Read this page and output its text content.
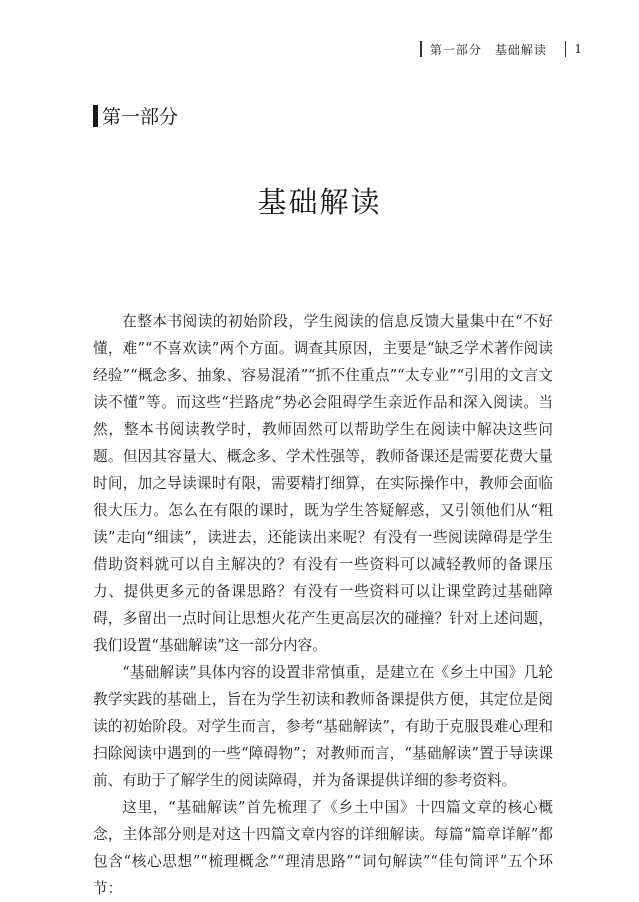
第一部分　基础解读 1
第一部分
基础解读

在整本书阅读的初始阶段，学生阅读的信息反馈大量集中在“不好懂，难”“不喜欢读”两个方面。调查其原因，主要是“缺乏学术著作阅读经验”“概念多、抽象、容易混淆”“抓不住重点”“太专业”“引用的文言文读不懂”等。而这些“拦路虎”势必会阻碍学生亲近作品和深入阅读。当然，整本书阅读教学时，教师固然可以帮助学生在阅读中解决这些问题。但因其容量大、概念多、学术性强等，教师备课还是需要花费大量时间，加之导读课时有限，需要精打细算，在实际操作中，教师会面临很大压力。怎么在有限的课时，既为学生答疑解惑，又引领他们从“粗读”走向“细读”，读进去，还能读出来呢？有没有一些阅读障碍是学生借助资料就可以自主解决的？有没有一些资料可以减轻教师的备课压力、提供更多元的备课思路？有没有一些资料可以让课堂跨过基础障碍，多留出一点时间让思想火花产生更高层次的碰撞？针对上述问题，我们设置“基础解读”这一部分内容。

“基础解读”具体内容的设置非常慎重，是建立在《乡土中国》几轮教学实践的基础上，旨在为学生初读和教师备课提供方便，其定位是阅读的初始阶段。对学生而言，参考“基础解读”，有助于克服畏难心理和扫除阅读中遇到的一些“障碍物”；对教师而言，“基础解读”置于导读课前、有助于了解学生的阅读障碍，并为备课提供详细的参考资料。

这里，“基础解读”首先梳理了《乡土中国》十四篇文章的核心概念，主体部分则是对这十四篇文章内容的详细解读。每篇“篇章详解”都包含“核心思想”“梳理概念”“理清思路”“词句解读”“佳句简评”五个环节：
